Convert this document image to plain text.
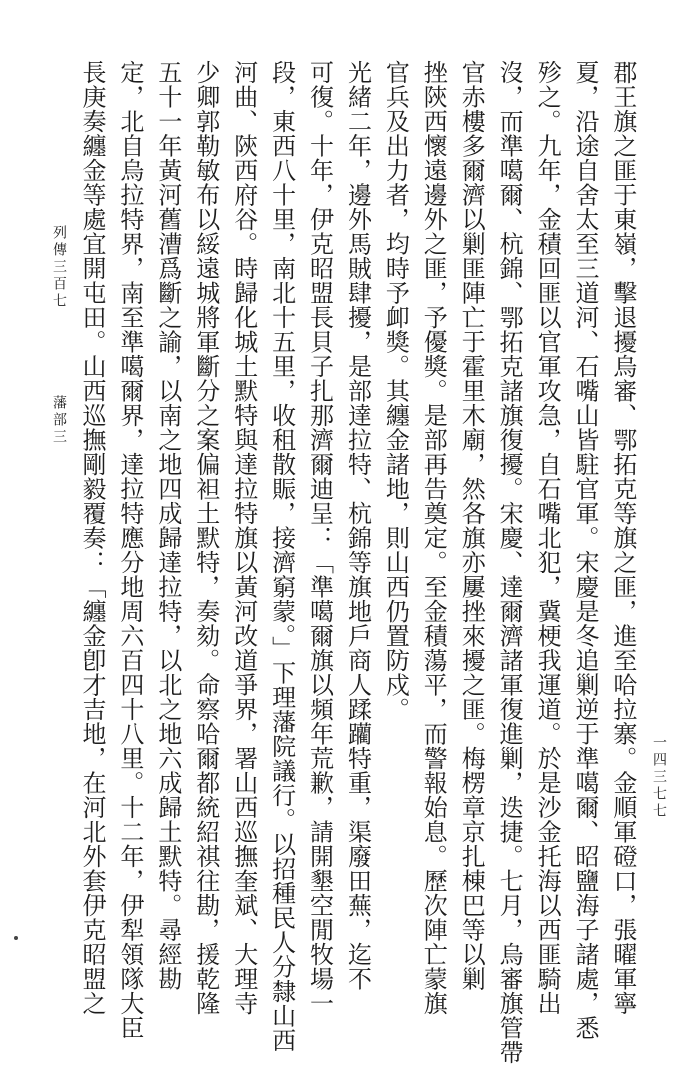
郡王旗之匪于東嶺，擊退擾烏審、鄂拓克等旗之匪，進至哈拉寨。金順軍磴口，張曜軍寧
夏，沿途自舍太至三道河、石嘴山皆駐官軍。宋慶是冬追剿逆于準噶爾、昭鹽海子諸處，悉
殄之。九年，金積回匪以官軍攻急，自石嘴北犯，冀梗我運道。於是沙金托海以西匪騎出
沒，而準噶爾、杭錦、鄂拓克諸旗復擾。宋慶、達爾濟諸軍復進剿，迭捷。七月，烏審旗管帶
官赤樓多爾濟以剿匪陣亡于霍里木廟，然各旗亦屢挫來擾之匪。梅楞章京扎棟巴等以剿
挫陝西懷遠邊外之匪，予優獎。是部再告奠定。至金積蕩平，而警報始息。歷次陣亡蒙旗
官兵及出力者，均時予卹獎。其纏金諸地，則山西仍置防戍。
光緒二年，邊外馬賊肆擾，是部達拉特、杭錦等旗地戶商人蹂躪特重，渠廢田蕪，迄不
可復。十年，伊克昭盟長貝子扎那濟爾迪呈：「準噶爾旗以頻年荒歉，請開墾空閒牧場一
段，東西八十里，南北十五里，收租散賑，接濟窮蒙。」下理藩院議行。以招種民人分隸山西
河曲、陝西府谷。時歸化城土默特與達拉特旗以黃河改道爭界，署山西巡撫奎斌、大理寺
少卿郭勒敏布以綏遠城將軍斷分之案偏袒土默特，奏劾。命察哈爾都統紹祺往勘，援乾隆
五十一年黃河舊漕爲斷之諭，以南之地四成歸達拉特，以北之地六成歸土默特。尋經勘
定，北自烏拉特界，南至準噶爾界，達拉特應分地周六百四十八里。十二年，伊犁領隊大臣
長庚奏纏金等處宜開屯田。山西巡撫剛毅覆奏：「纏金卽才吉地，在河北外套伊克昭盟之
列傳三百七
藩部三
一四三七七
